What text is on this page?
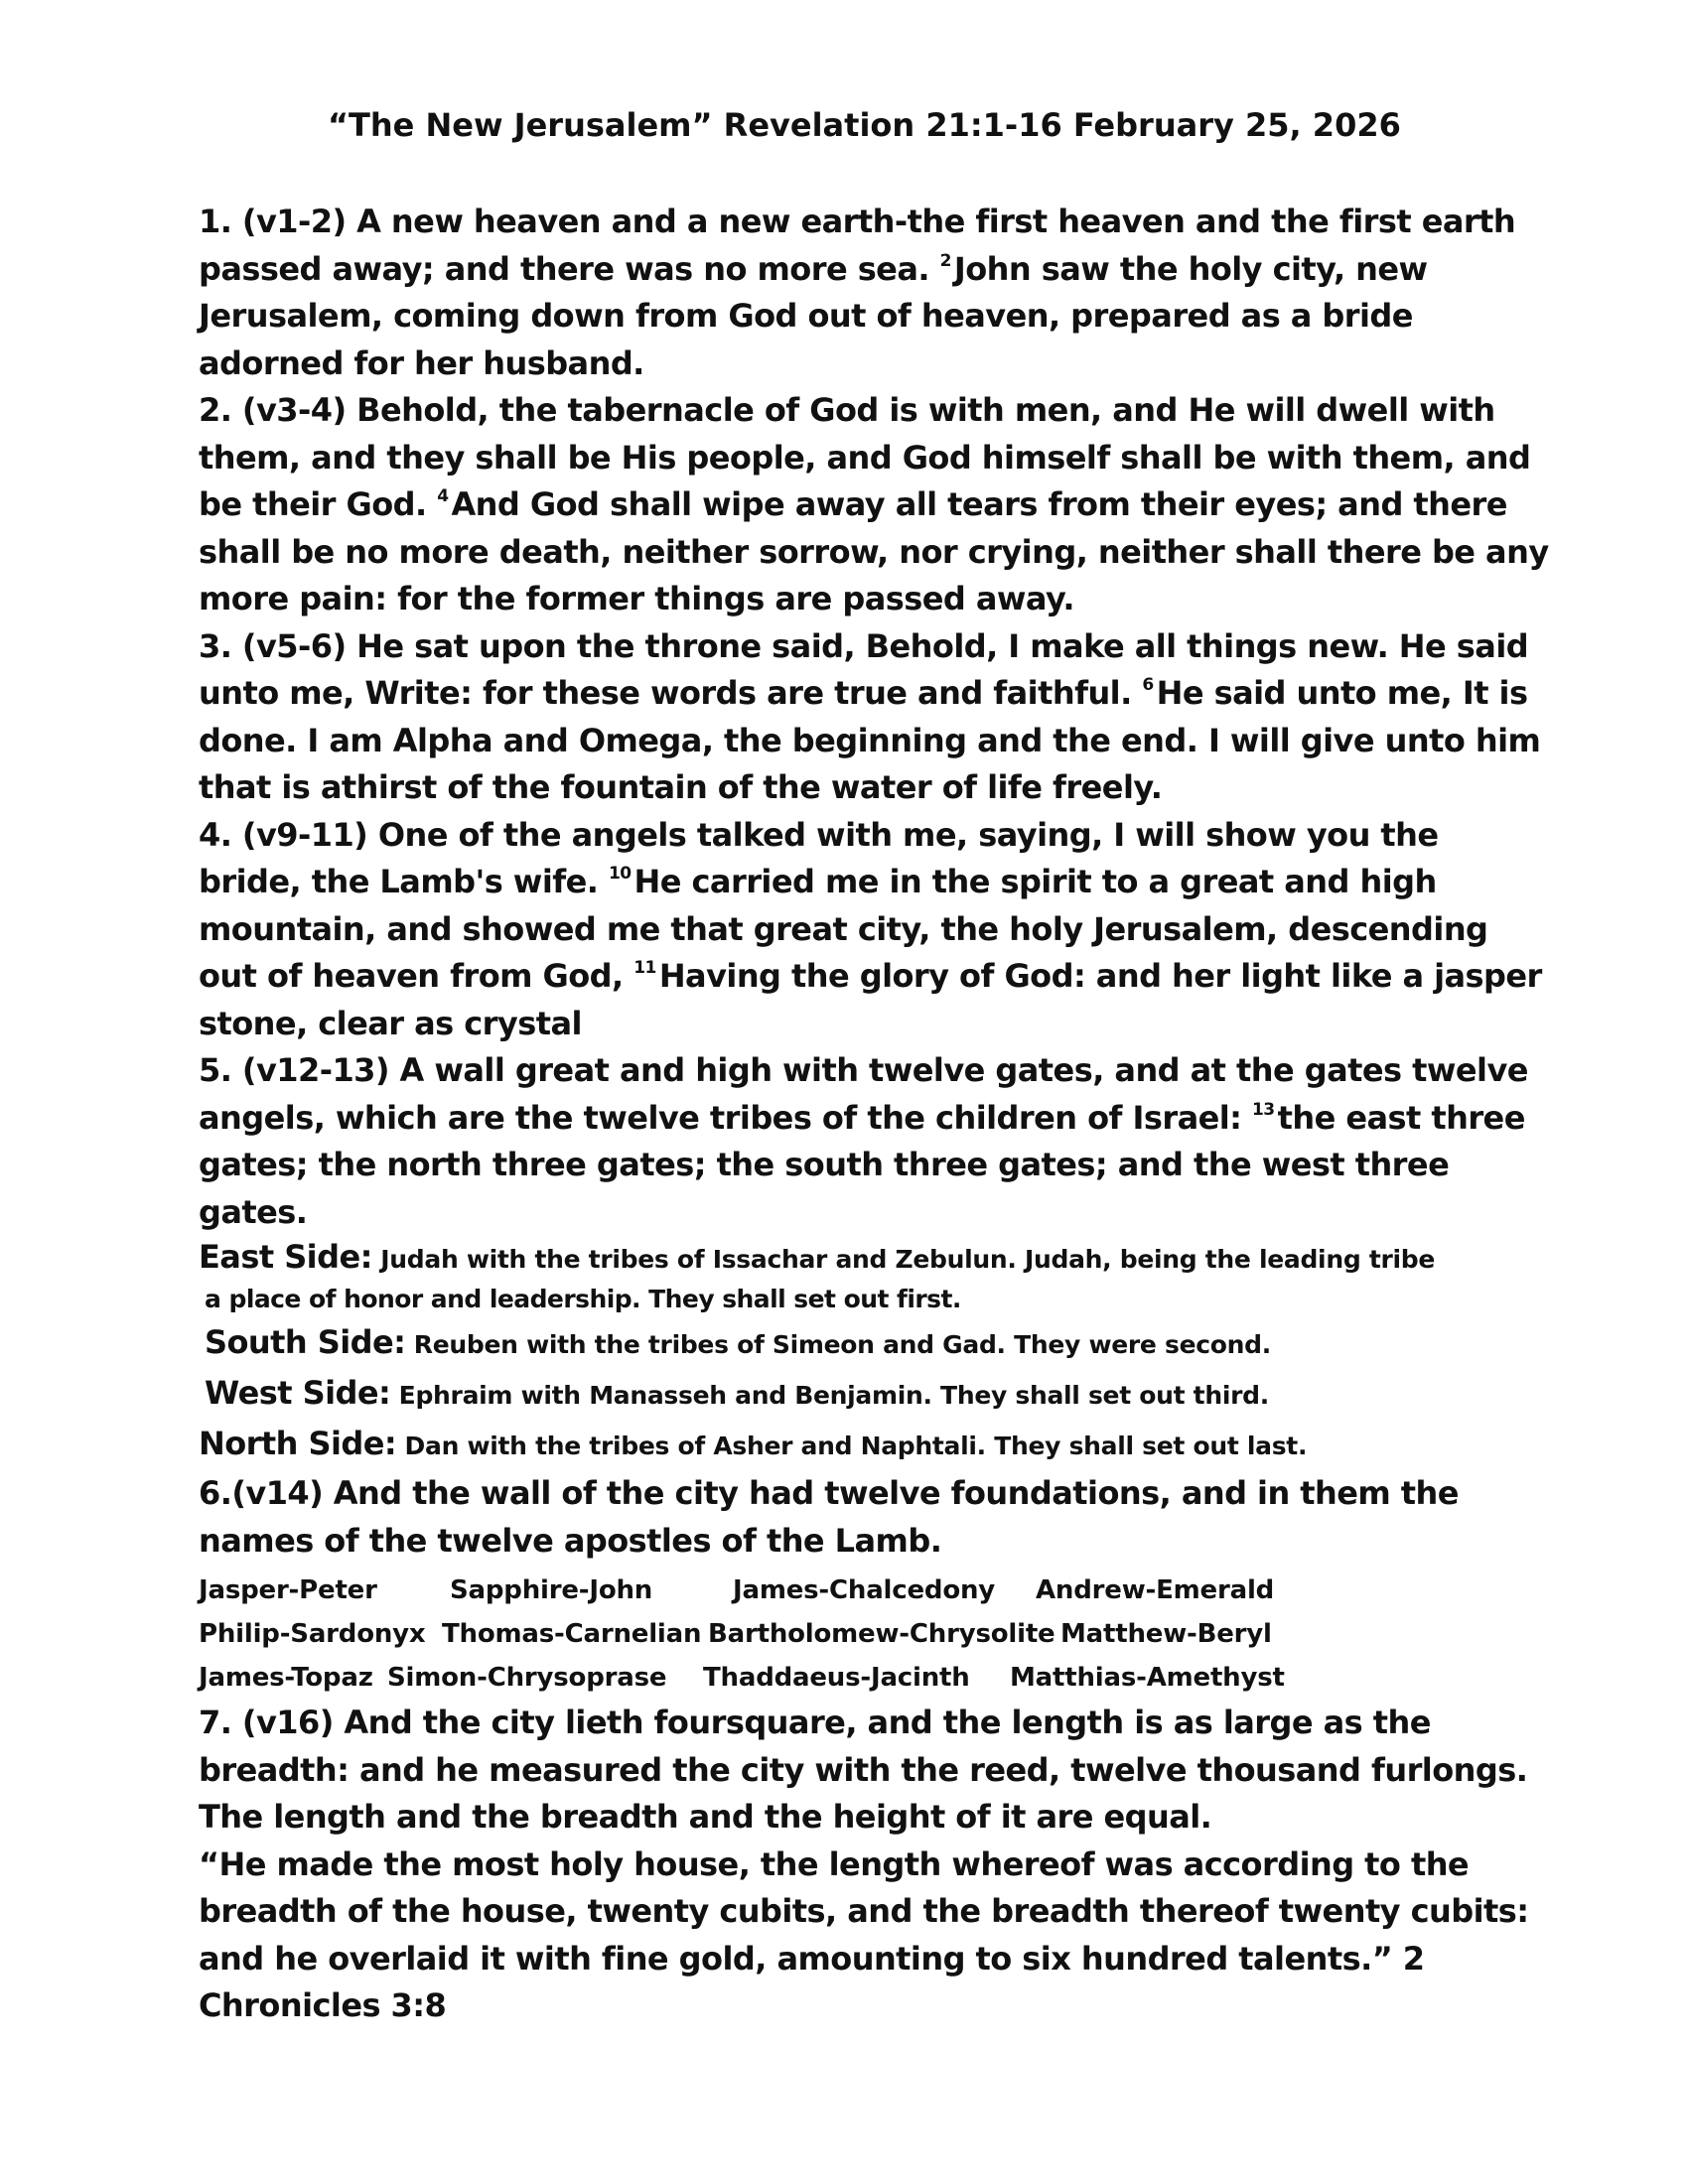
“The New Jerusalem” Revelation 21:1-16 February 25, 2026

1. (v1-2) A new heaven and a new earth-the first heaven and the first earth passed away; and there was no more sea. $^2$John saw the holy city, new Jerusalem, coming down from God out of heaven, prepared as a bride adorned for her husband.

2. (v3-4) Behold, the tabernacle of God is with men, and He will dwell with them, and they shall be His people, and God himself shall be with them, and be their God. $^4$And God shall wipe away all tears from their eyes; and there shall be no more death, neither sorrow, nor crying, neither shall there be any more pain: for the former things are passed away.

3. (v5-6) He sat upon the throne said, Behold, I make all things new. He said unto me, Write: for these words are true and faithful. $^6$He said unto me, It is done. I am Alpha and Omega, the beginning and the end. I will give unto him that is athirst of the fountain of the water of life freely.

4. (v9-11) One of the angels talked with me, saying, I will show you the bride, the Lamb's wife. $^{10}$He carried me in the spirit to a great and high mountain, and showed me that great city, the holy Jerusalem, descending out of heaven from God, $^{11}$Having the glory of God: and her light like a jasper stone, clear as crystal

5. (v12-13) A wall great and high with twelve gates, and at the gates twelve angels, which are the twelve tribes of the children of Israel: $^{13}$the east three gates; the north three gates; the south three gates; and the west three gates.

East Side: Judah with the tribes of Issachar and Zebulun. Judah, being the leading tribe
a place of honor and leadership. They shall set out first.
South Side: Reuben with the tribes of Simeon and Gad. They were second.
West Side: Ephraim with Manasseh and Benjamin. They shall set out third.
North Side: Dan with the tribes of Asher and Naphtali. They shall set out last.

6.(v14) And the wall of the city had twelve foundations, and in them the names of the twelve apostles of the Lamb.

Jasper-Peter	Sapphire-John	James-Chalcedony	Andrew-Emerald
Philip-Sardonyx Thomas-Carnelian Bartholomew-Chrysolite Matthew-Beryl
James-Topaz Simon-Chrysoprase	Thaddaeus-Jacinth	Matthias-Amethyst

7. (v16) And the city lieth foursquare, and the length is as large as the breadth: and he measured the city with the reed, twelve thousand furlongs. The length and the breadth and the height of it are equal.

“He made the most holy house, the length whereof was according to the breadth of the house, twenty cubits, and the breadth thereof twenty cubits: and he overlaid it with fine gold, amounting to six hundred talents.” 2 Chronicles 3:8
